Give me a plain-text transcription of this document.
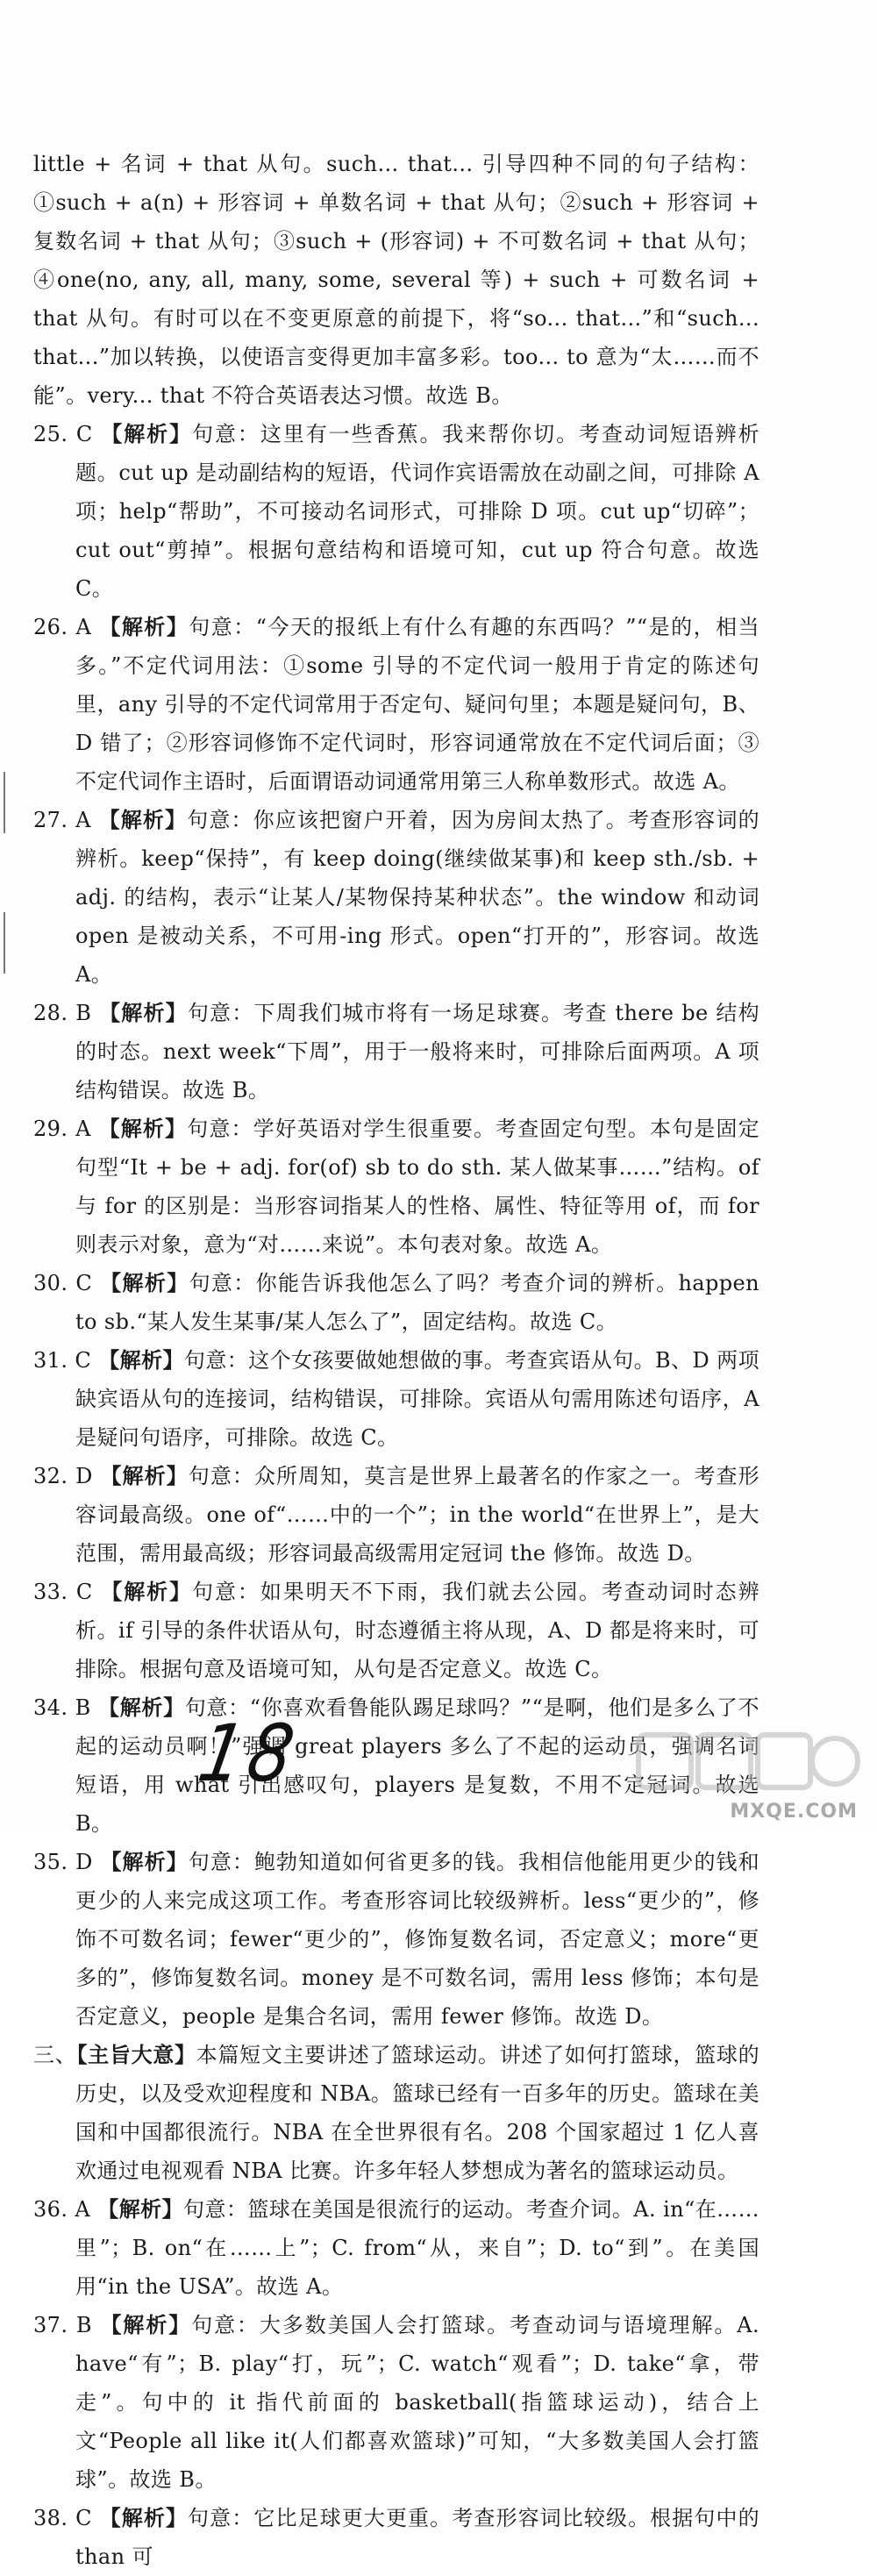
little + 名词 + that 从句。such... that... 引导四种不同的句子结构：①such + a(n) + 形容词 + 单数名词 + that 从句；②such + 形容词 + 复数名词 + that 从句；③such + (形容词) + 不可数名词 + that 从句；④one(no, any, all, many, some, several 等) + such + 可数名词 + that 从句。有时可以在不变更原意的前提下，将“so... that...”和“such... that...”加以转换，以使语言变得更加丰富多彩。too... to 意为“太……而不能”。very... that 不符合英语表达习惯。故选 B。

25. C 【解析】句意：这里有一些香蕉。我来帮你切。考查动词短语辨析题。cut up 是动副结构的短语，代词作宾语需放在动副之间，可排除 A 项；help“帮助”，不可接动名词形式，可排除 D 项。cut up“切碎”；cut out“剪掉”。根据句意结构和语境可知，cut up 符合句意。故选 C。

26. A 【解析】句意：“今天的报纸上有什么有趣的东西吗？”“是的，相当多。”不定代词用法：①some 引导的不定代词一般用于肯定的陈述句里，any 引导的不定代词常用于否定句、疑问句里；本题是疑问句，B、D 错了；②形容词修饰不定代词时，形容词通常放在不定代词后面；③不定代词作主语时，后面谓语动词通常用第三人称单数形式。故选 A。

27. A 【解析】句意：你应该把窗户开着，因为房间太热了。考查形容词的辨析。keep“保持”，有 keep doing(继续做某事)和 keep sth./sb. + adj. 的结构，表示“让某人/某物保持某种状态”。the window 和动词 open 是被动关系，不可用-ing 形式。open“打开的”，形容词。故选 A。

28. B 【解析】句意：下周我们城市将有一场足球赛。考查 there be 结构的时态。next week“下周”，用于一般将来时，可排除后面两项。A 项结构错误。故选 B。

29. A 【解析】句意：学好英语对学生很重要。考查固定句型。本句是固定句型“It + be + adj. for(of) sb to do sth. 某人做某事……”结构。of 与 for 的区别是：当形容词指某人的性格、属性、特征等用 of，而 for 则表示对象，意为“对……来说”。本句表对象。故选 A。

30. C 【解析】句意：你能告诉我他怎么了吗？考查介词的辨析。happen to sb.“某人发生某事/某人怎么了”，固定结构。故选 C。

31. C 【解析】句意：这个女孩要做她想做的事。考查宾语从句。B、D 两项缺宾语从句的连接词，结构错误，可排除。宾语从句需用陈述句语序，A 是疑问句语序，可排除。故选 C。

32. D 【解析】句意：众所周知，莫言是世界上最著名的作家之一。考查形容词最高级。one of“……中的一个”；in the world“在世界上”，是大范围，需用最高级；形容词最高级需用定冠词 the 修饰。故选 D。

33. C 【解析】句意：如果明天不下雨，我们就去公园。考查动词时态辨析。if 引导的条件状语从句，时态遵循主将从现，A、D 都是将来时，可排除。根据句意及语境可知，从句是否定意义。故选 C。

34. B 【解析】句意：“你喜欢看鲁能队踢足球吗？”“是啊，他们是多么了不起的运动员啊！”强调 great players 多么了不起的运动员，强调名词短语，用 what 引出感叹句，players 是复数，不用不定冠词。故选 B。

35. D 【解析】句意：鲍勃知道如何省更多的钱。我相信他能用更少的钱和更少的人来完成这项工作。考查形容词比较级辨析。less“更少的”，修饰不可数名词；fewer“更少的”，修饰复数名词，否定意义；more“更多的”，修饰复数名词。money 是不可数名词，需用 less 修饰；本句是否定意义，people 是集合名词，需用 fewer 修饰。故选 D。

三、【主旨大意】本篇短文主要讲述了篮球运动。讲述了如何打篮球，篮球的历史，以及受欢迎程度和 NBA。篮球已经有一百多年的历史。篮球在美国和中国都很流行。NBA 在全世界很有名。208 个国家超过 1 亿人喜欢通过电视观看 NBA 比赛。许多年轻人梦想成为著名的篮球运动员。

36. A 【解析】句意：篮球在美国是很流行的运动。考查介词。A. in“在……里”；B. on“在……上”；C. from“从，来自”；D. to“到”。在美国用“in the USA”。故选 A。

37. B 【解析】句意：大多数美国人会打篮球。考查动词与语境理解。A. have“有”；B. play“打，玩”；C. watch“观看”；D. take“拿，带走”。句中的 it 指代前面的 basketball(指篮球运动)，结合上文“People all like it(人们都喜欢篮球)”可知，“大多数美国人会打篮球”。故选 B。

38. C 【解析】句意：它比足球更大更重。考查形容词比较级。根据句中的 than 可

18
MXQE.COM
